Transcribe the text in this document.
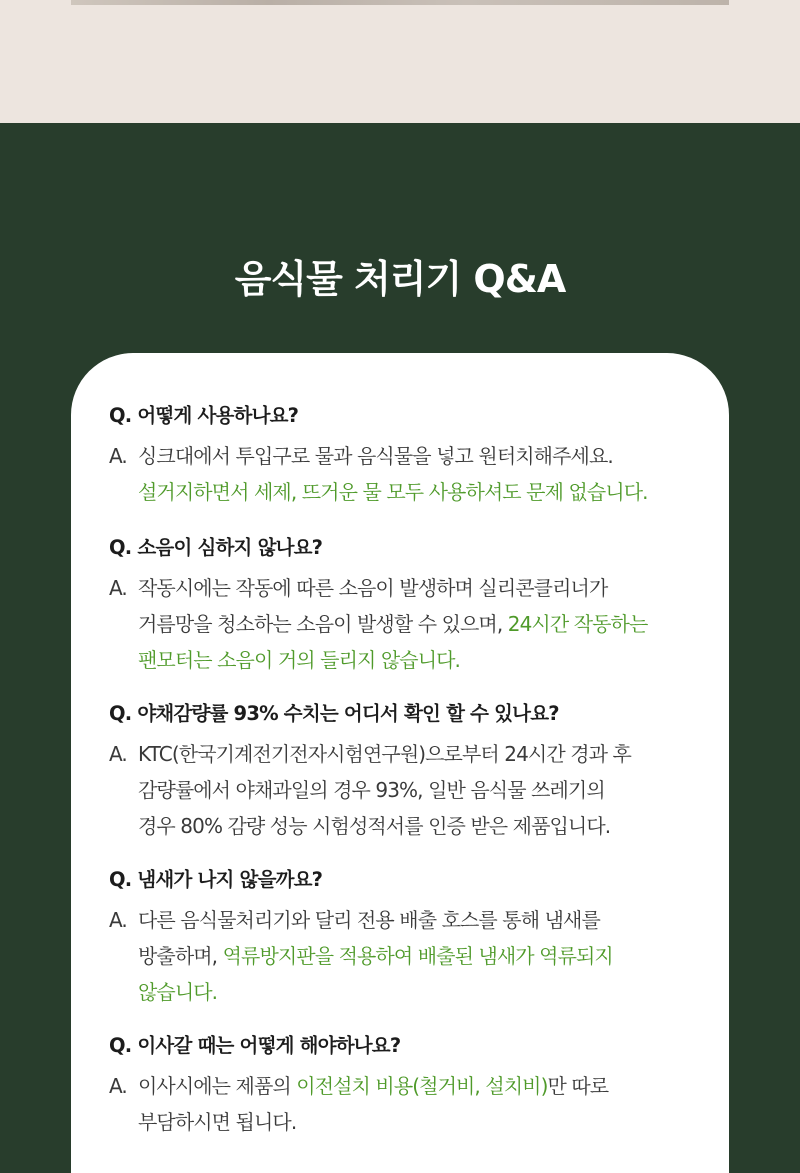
음식물 처리기 Q&A
Q. 어떻게 사용하나요?
A. 싱크대에서 투입구로 물과 음식물을 넣고 원터치해주세요.
설거지하면서 세제, 뜨거운 물 모두 사용하셔도 문제 없습니다.
Q. 소음이 심하지 않나요?
A. 작동시에는 작동에 따른 소음이 발생하며 실리콘클리너가
거름망을 청소하는 소음이 발생할 수 있으며, 24시간 작동하는
팬모터는 소음이 거의 들리지 않습니다.
Q. 야채감량률 93% 수치는 어디서 확인 할 수 있나요?
A. KTC(한국기계전기전자시험연구원)으로부터 24시간 경과 후
감량률에서 야채과일의 경우 93%, 일반 음식물 쓰레기의
경우 80% 감량 성능 시험성적서를 인증 받은 제품입니다.
Q. 냄새가 나지 않을까요?
A. 다른 음식물처리기와 달리 전용 배출 호스를 통해 냄새를
방출하며, 역류방지판을 적용하여 배출된 냄새가 역류되지
않습니다.
Q. 이사갈 때는 어떻게 해야하나요?
A. 이사시에는 제품의 이전설치 비용(철거비, 설치비)만 따로
부담하시면 됩니다.
